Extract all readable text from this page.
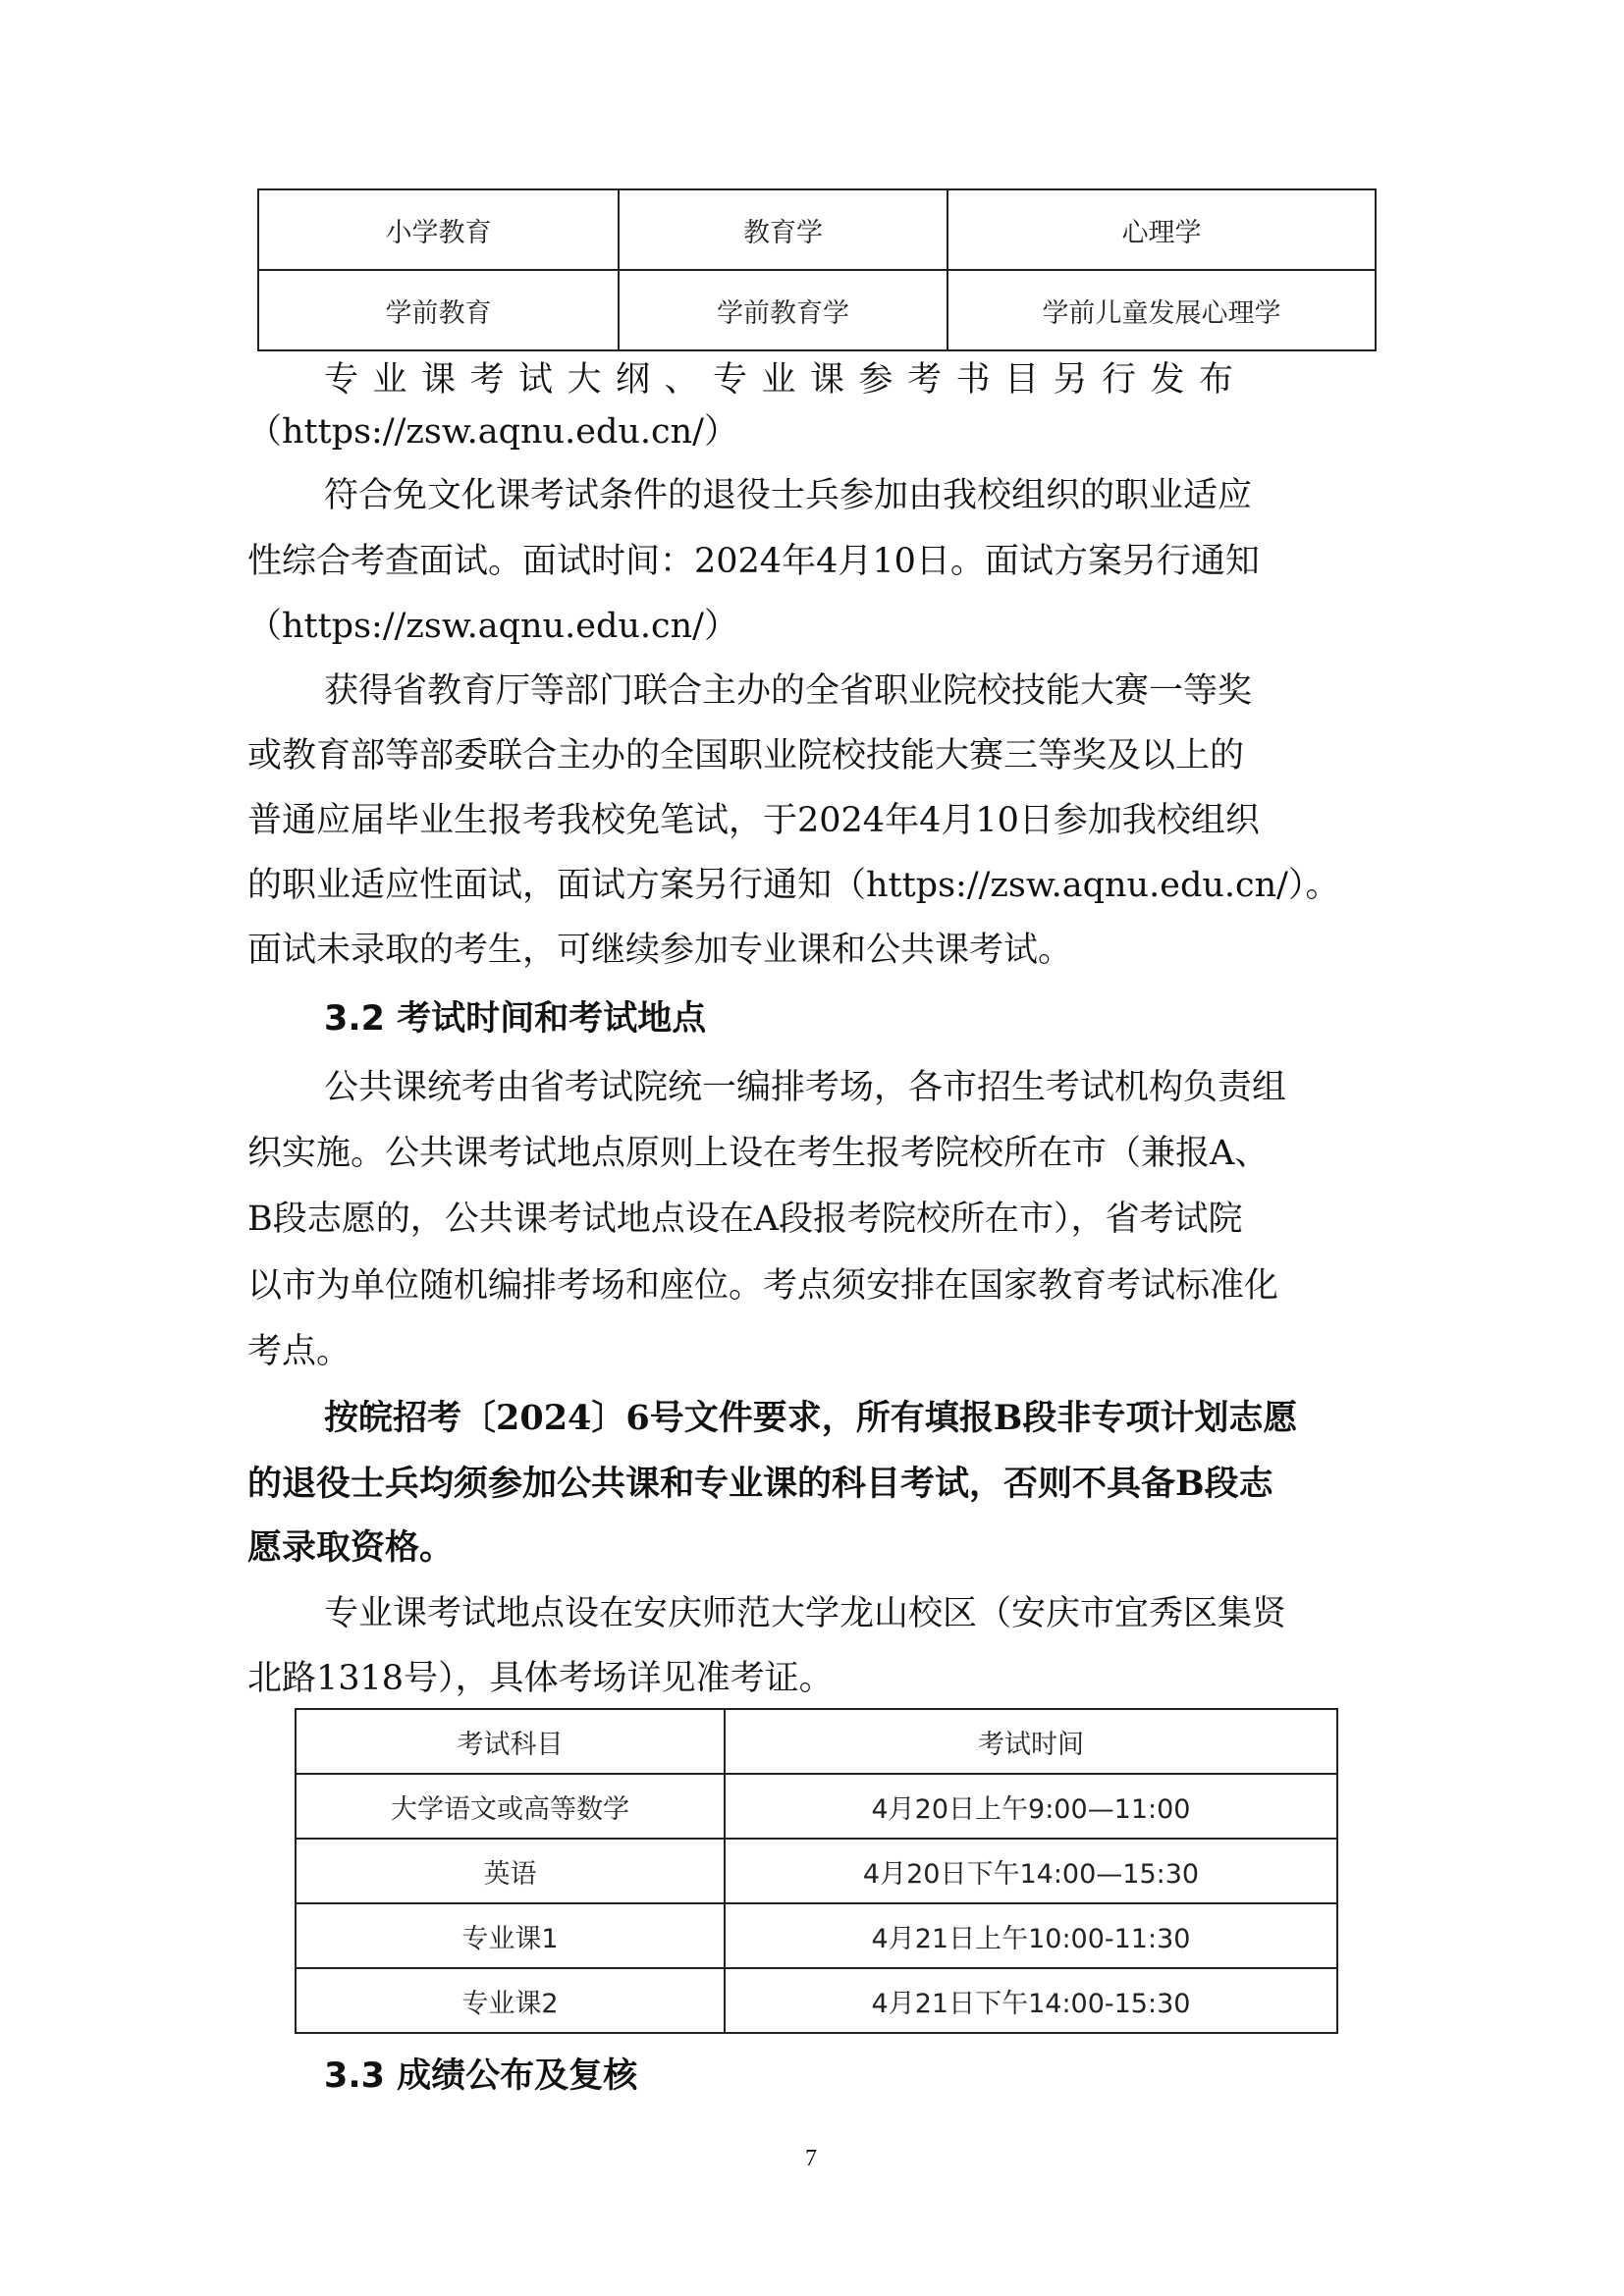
小学教育	教育学	心理学
学前教育	学前教育学	学前儿童发展心理学
专业课考试大纲、专业课参考书目另行发布
（https://zsw.aqnu.edu.cn/）
符合免文化课考试条件的退役士兵参加由我校组织的职业适应
性综合考查面试。面试时间：2024年4月10日。面试方案另行通知
（https://zsw.aqnu.edu.cn/）
获得省教育厅等部门联合主办的全省职业院校技能大赛一等奖
或教育部等部委联合主办的全国职业院校技能大赛三等奖及以上的
普通应届毕业生报考我校免笔试，于2024年4月10日参加我校组织
的职业适应性面试，面试方案另行通知（https://zsw.aqnu.edu.cn/）。
面试未录取的考生，可继续参加专业课和公共课考试。
3.2 考试时间和考试地点
公共课统考由省考试院统一编排考场，各市招生考试机构负责组
织实施。公共课考试地点原则上设在考生报考院校所在市（兼报A、
B段志愿的，公共课考试地点设在A段报考院校所在市），省考试院
以市为单位随机编排考场和座位。考点须安排在国家教育考试标准化
考点。
按皖招考〔2024〕6号文件要求，所有填报B段非专项计划志愿
的退役士兵均须参加公共课和专业课的科目考试，否则不具备B段志
愿录取资格。
专业课考试地点设在安庆师范大学龙山校区（安庆市宜秀区集贤
北路1318号），具体考场详见准考证。
考试科目	考试时间
大学语文或高等数学	4月20日上午9:00—11:00
英语	4月20日下午14:00—15:30
专业课1	4月21日上午10:00-11:30
专业课2	4月21日下午14:00-15:30
3.3 成绩公布及复核
7
